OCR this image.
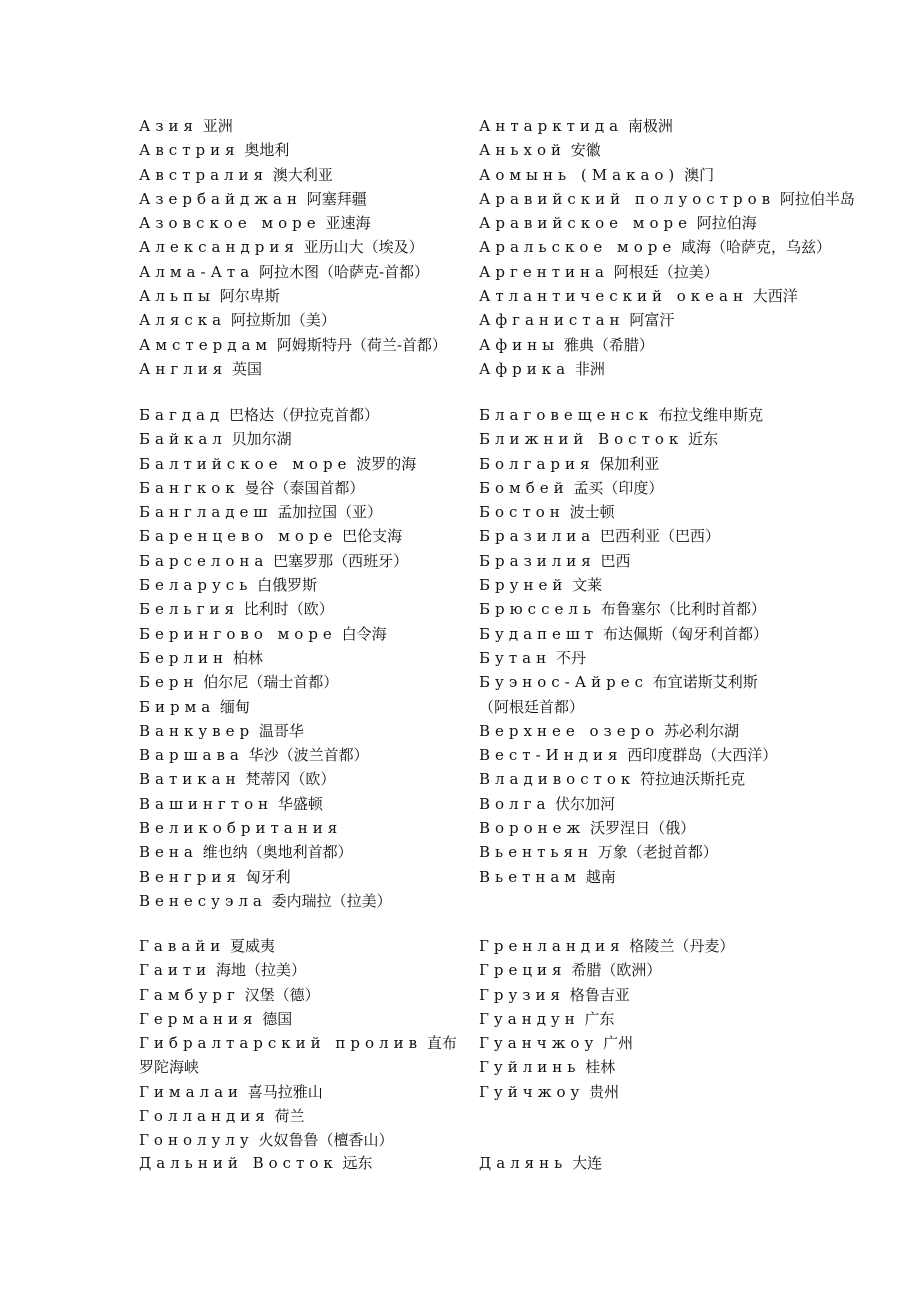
Азия 亚洲
Австрия 奥地利
Австралия 澳大利亚
Азербайджан 阿塞拜疆
Азовское море 亚速海
Александрия 亚历山大（埃及）
Алма-Ата 阿拉木图（哈萨克-首都）
Альпы 阿尔卑斯
Аляска 阿拉斯加（美）
Амстердам 阿姆斯特丹（荷兰-首都）
Англия 英国
Антарктида 南极洲
Аньхой 安徽
Аомынь (Макао) 澳门
Аравийский полуостров 阿拉伯半岛
Аравийское море 阿拉伯海
Аральское море 咸海（哈萨克，乌兹）
Аргентина 阿根廷（拉美）
Атлантический океан 大西洋
Афганистан 阿富汗
Афины 雅典（希腊）
Африка 非洲
Багдад 巴格达（伊拉克首都）
Байкал 贝加尔湖
Балтийское море 波罗的海
Бангкок 曼谷（泰国首都）
Бангладеш 孟加拉国（亚）
Баренцево море 巴伦支海
Барселона 巴塞罗那（西班牙）
Беларусь 白俄罗斯
Бельгия 比利时（欧）
Берингово море 白令海
Берлин 柏林
Берн 伯尔尼（瑞士首都）
Бирма 缅甸
Ванкувер 温哥华
Варшава 华沙（波兰首都）
Ватикан 梵蒂冈（欧）
Вашингтон 华盛顿
Великобритания
Вена 维也纳（奥地利首都）
Венгрия 匈牙利
Венесуэла 委内瑞拉（拉美）
Благовещенск 布拉戈维申斯克
Ближний Восток 近东
Болгария 保加利亚
Бомбей 孟买（印度）
Бостон 波士顿
Бразилиа 巴西利亚（巴西）
Бразилия 巴西
Бруней 文莱
Брюссель 布鲁塞尔（比利时首都）
Будапешт 布达佩斯（匈牙利首都）
Бутан 不丹
Буэнос-Айрес 布宜诺斯艾利斯（阿根廷首都）
Верхнее озеро 苏必利尔湖
Вест-Индия 西印度群岛（大西洋）
Владивосток 符拉迪沃斯托克
Волга 伏尔加河
Воронеж 沃罗涅日（俄）
Вьентьян 万象（老挝首都）
Вьетнам 越南
Гавайи 夏威夷
Гаити 海地（拉美）
Гамбург 汉堡（德）
Германия 德国
Гибралтарский пролив 直布罗陀海峡
Гималаи 喜马拉雅山
Голландия 荷兰
Гонолулу 火奴鲁鲁（檀香山）
Гренландия 格陵兰（丹麦）
Греция 希腊（欧洲）
Грузия 格鲁吉亚
Гуандун 广东
Гуанчжоу 广州
Гуйлинь 桂林
Гуйчжоу 贵州
Дальний Восток 远东	Далянь 大连
